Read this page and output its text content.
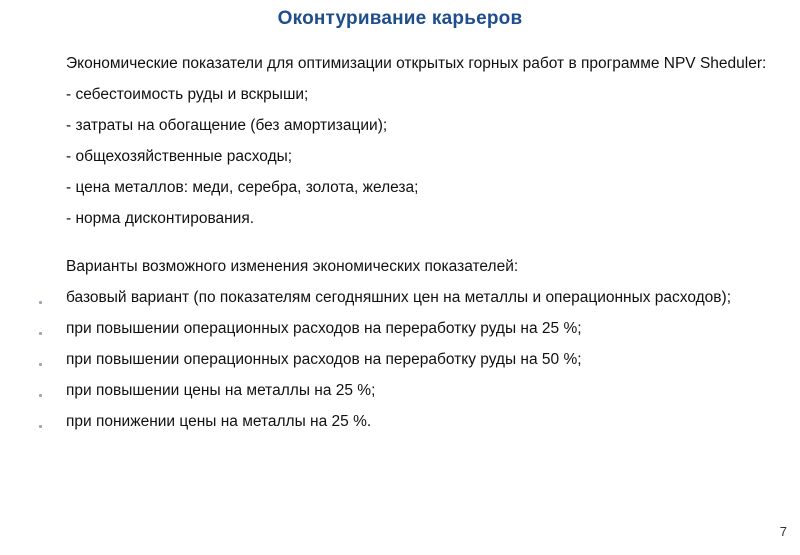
Оконтуривание карьеров

Экономические показатели для оптимизации открытых горных работ в программе NPV Sheduler:

- себестоимость руды и вскрыши;
- затраты на обогащение (без амортизации);
- общехозяйственные расходы;
- цена металлов: меди, серебра, золота, железа;
- норма дисконтирования.

Варианты возможного изменения экономических показателей:

базовый вариант (по показателям сегодняшних цен на металлы и операционных расходов);
при повышении операционных расходов на переработку руды на 25 %;
при повышении операционных расходов на переработку руды на 50 %;
при повышении цены на металлы на 25 %;
при понижении цены на металлы на 25 %.
7
